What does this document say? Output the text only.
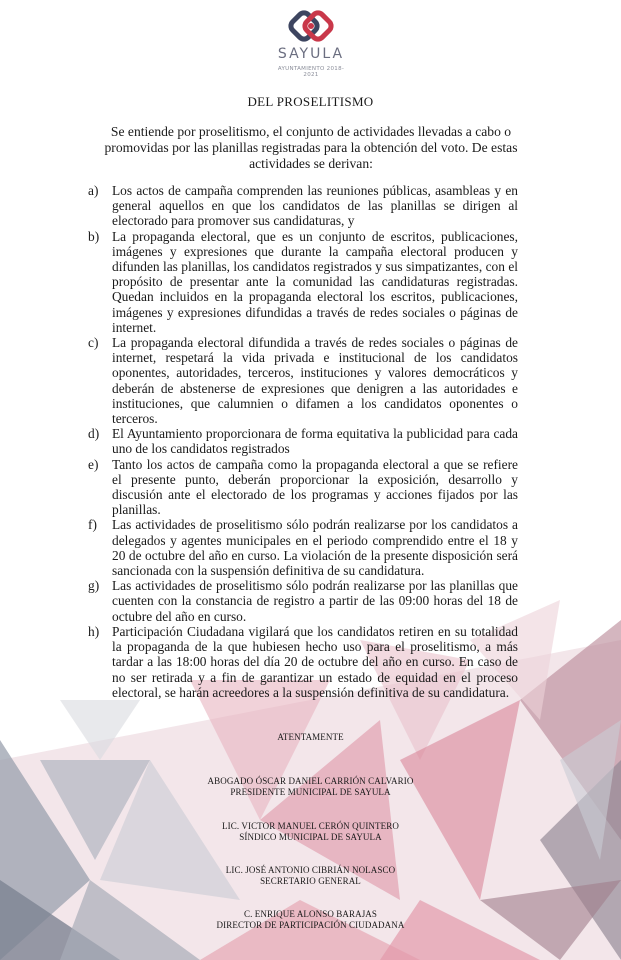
SAYULA
AYUNTAMIENTO 2018-2021
DEL PROSELITISMO
Se entiende por proselitismo, el conjunto de actividades llevadas a cabo o promovidas por las planillas registradas para la obtención del voto. De estas actividades se derivan:
a) Los actos de campaña comprenden las reuniones públicas, asambleas y en general aquellos en que los candidatos de las planillas se dirigen al electorado para promover sus candidaturas, y
b) La propaganda electoral, que es un conjunto de escritos, publicaciones, imágenes y expresiones que durante la campaña electoral producen y difunden las planillas, los candidatos registrados y sus simpatizantes, con el propósito de presentar ante la comunidad las candidaturas registradas. Quedan incluidos en la propaganda electoral los escritos, publicaciones, imágenes y expresiones difundidas a través de redes sociales o páginas de internet.
c) La propaganda electoral difundida a través de redes sociales o páginas de internet, respetará la vida privada e institucional de los candidatos oponentes, autoridades, terceros, instituciones y valores democráticos y deberán de abstenerse de expresiones que denigren a las autoridades e instituciones, que calumnien o difamen a los candidatos oponentes o terceros.
d) El Ayuntamiento proporcionara de forma equitativa la publicidad para cada uno de los candidatos registrados
e) Tanto los actos de campaña como la propaganda electoral a que se refiere el presente punto, deberán proporcionar la exposición, desarrollo y discusión ante el electorado de los programas y acciones fijados por las planillas.
f) Las actividades de proselitismo sólo podrán realizarse por los candidatos a delegados y agentes municipales en el periodo comprendido entre el 18 y 20 de octubre del año en curso. La violación de la presente disposición será sancionada con la suspensión definitiva de su candidatura.
g) Las actividades de proselitismo sólo podrán realizarse por las planillas que cuenten con la constancia de registro a partir de las 09:00 horas del 18 de octubre del año en curso.
h) Participación Ciudadana vigilará que los candidatos retiren en su totalidad la propaganda de la que hubiesen hecho uso para el proselitismo, a más tardar a las 18:00 horas del día 20 de octubre del año en curso. En caso de no ser retirada y a fin de garantizar un estado de equidad en el proceso electoral, se harán acreedores a la suspensión definitiva de su candidatura.
ATENTAMENTE
ABOGADO ÓSCAR DANIEL CARRIÓN CALVARIO
PRESIDENTE MUNICIPAL DE SAYULA
LIC. VICTOR MANUEL CERÓN QUINTERO
SÍNDICO MUNICIPAL DE SAYULA
LIC. JOSÉ ANTONIO CIBRIÁN NOLASCO
SECRETARIO GENERAL
C. ENRIQUE ALONSO BARAJAS
DIRECTOR DE PARTICIPACIÓN CIUDADANA
